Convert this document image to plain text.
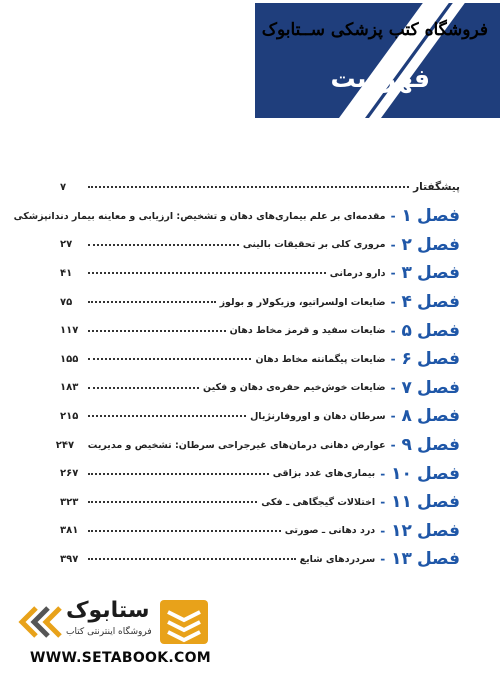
فروشگاه کتب پزشکی ســتابوک
فهرست
پیشگفتار
۷
فصل
۱
-
مقدمه‌ای بر علم بیماری‌های دهان و تشخیص: ارزیابی و معاینه بیمار دندانپزشکی
فصل
۲
-
مروری کلی بر تحقیقات بالینی
۲۷
فصل
۳
-
دارو درمانی
۴۱
فصل
۴
-
ضایعات اولسراتیو، وزیکولار و بولوز
۷۵
فصل
۵
-
ضایعات سفید و قرمز مخاط دهان
۱۱۷
فصل
۶
-
ضایعات پیگمانته مخاط دهان
۱۵۵
فصل
۷
-
ضایعات خوش‌خیم حفره‌ی دهان و فکین
۱۸۳
فصل
۸
-
سرطان دهان و اوروفارنژیال
۲۱۵
فصل
۹
-
عوارض دهانی درمان‌های غیرجراحی سرطان: تشخیص و مدیریت
۲۴۷
فصل
۱۰
-
بیماری‌های غدد بزاقی
۲۶۷
فصل
۱۱
-
اختلالات گیجگاهی ـ فکی
۳۲۳
فصل
۱۲
-
درد دهانی ـ صورتی
۳۸۱
فصل
۱۳
-
سردردهای شایع
۳۹۷
ستابوک
فروشگاه اینترنتی کتاب
WWW.SETABOOK.COM
